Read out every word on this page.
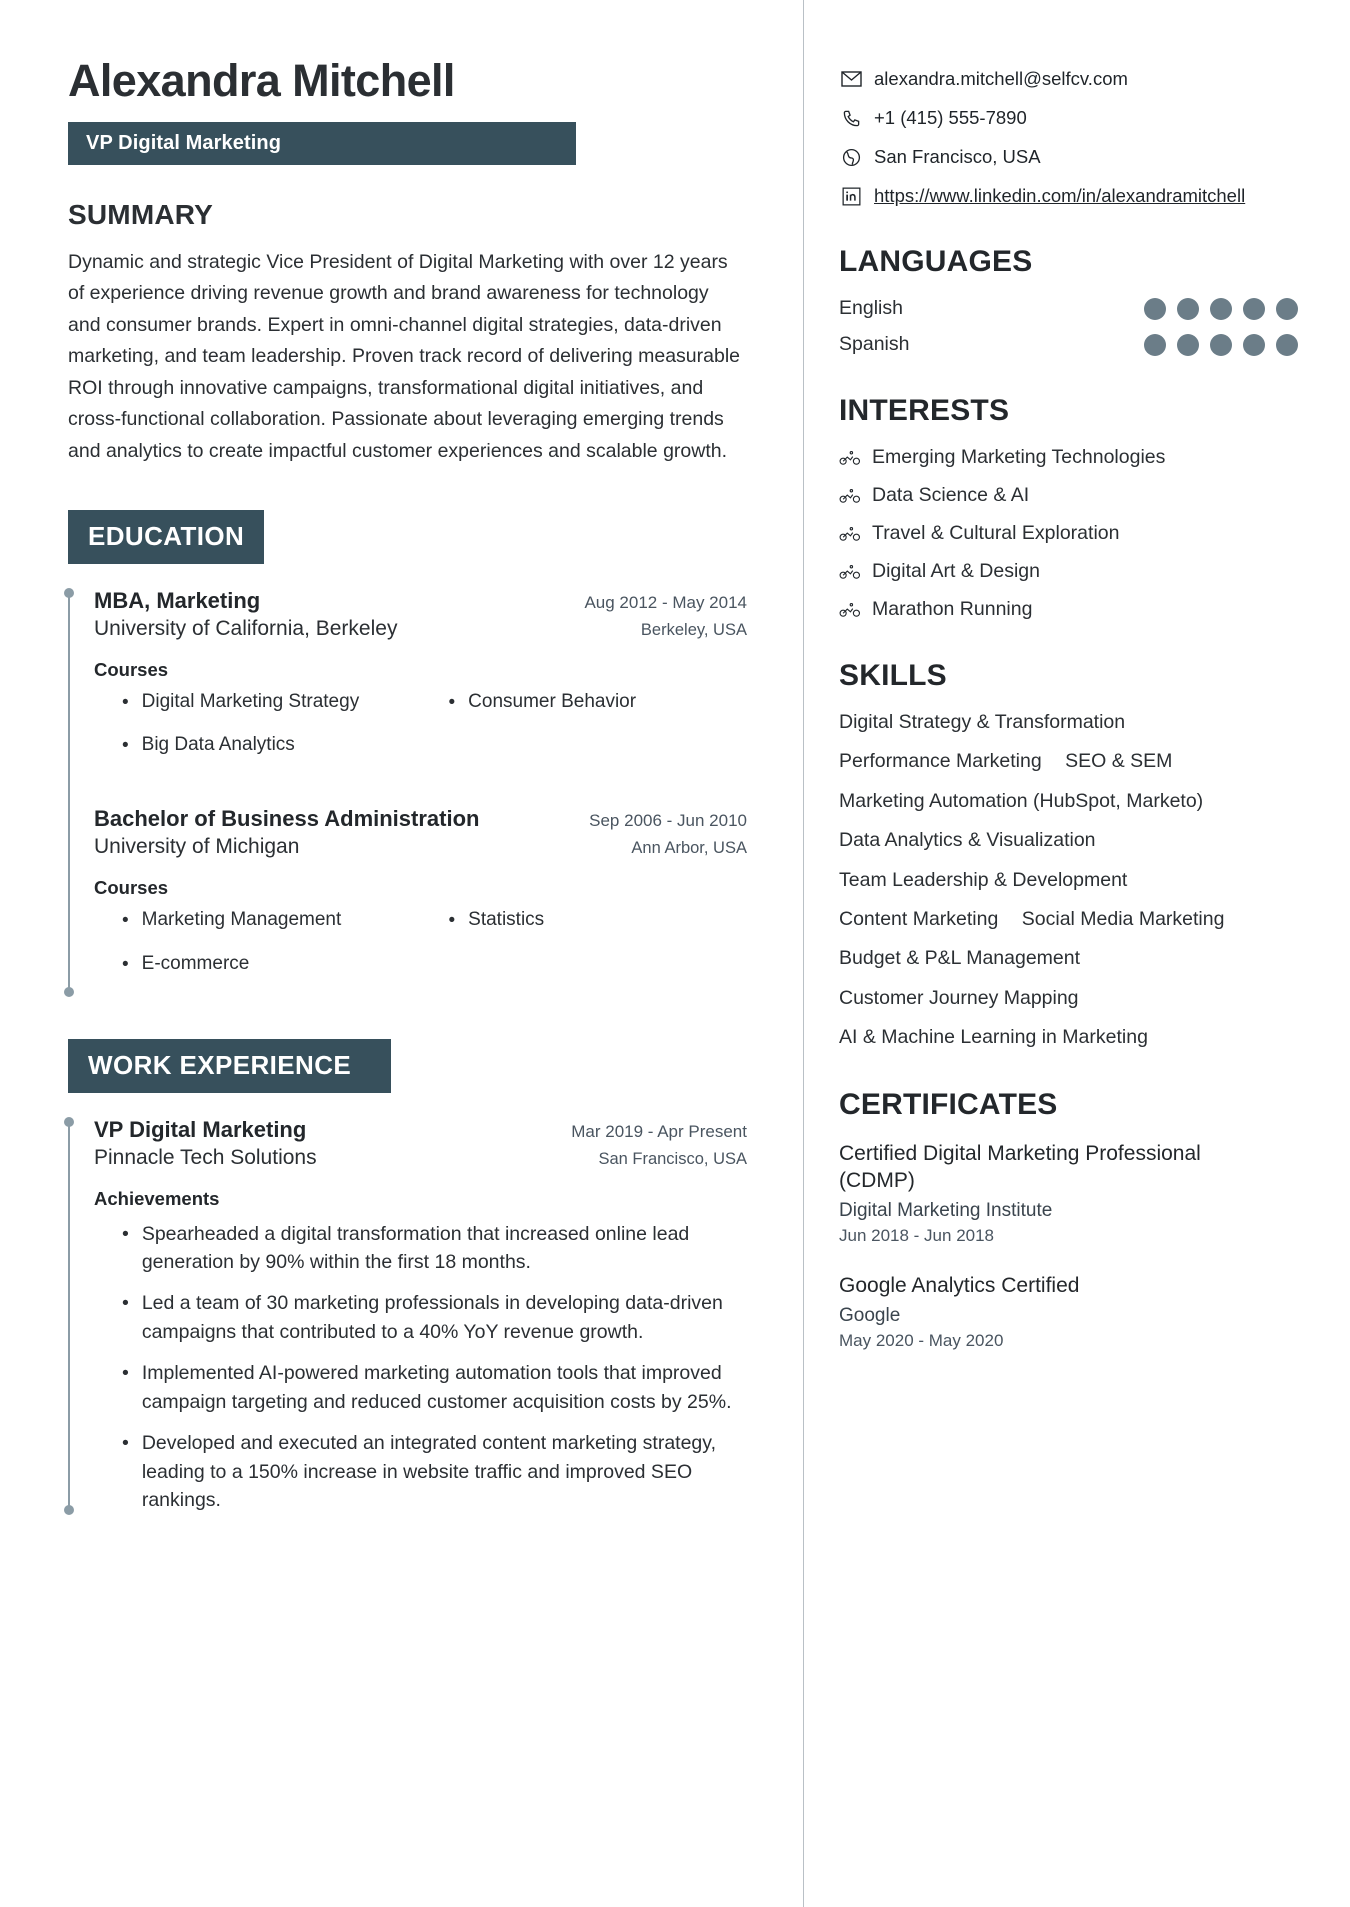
Alexandra Mitchell
VP Digital Marketing
SUMMARY
Dynamic and strategic Vice President of Digital Marketing with over 12 years of experience driving revenue growth and brand awareness for technology and consumer brands. Expert in omni-channel digital strategies, data-driven marketing, and team leadership. Proven track record of delivering measurable ROI through innovative campaigns, transformational digital initiatives, and cross-functional collaboration. Passionate about leveraging emerging trends and analytics to create impactful customer experiences and scalable growth.
EDUCATION
MBA, Marketing	Aug 2012 - May 2014
University of California, Berkeley	Berkeley, USA
Courses
• Digital Marketing Strategy	• Consumer Behavior
• Big Data Analytics
Bachelor of Business Administration	Sep 2006 - Jun 2010
University of Michigan	Ann Arbor, USA
Courses
• Marketing Management	• Statistics
• E-commerce
WORK EXPERIENCE
VP Digital Marketing	Mar 2019 - Apr Present
Pinnacle Tech Solutions	San Francisco, USA
Achievements
• Spearheaded a digital transformation that increased online lead generation by 90% within the first 18 months.
• Led a team of 30 marketing professionals in developing data-driven campaigns that contributed to a 40% YoY revenue growth.
• Implemented AI-powered marketing automation tools that improved campaign targeting and reduced customer acquisition costs by 25%.
• Developed and executed an integrated content marketing strategy, leading to a 150% increase in website traffic and improved SEO rankings.
alexandra.mitchell@selfcv.com
+1 (415) 555-7890
San Francisco, USA
https://www.linkedin.com/in/alexandramitchell
LANGUAGES
English
Spanish
INTERESTS
Emerging Marketing Technologies
Data Science & AI
Travel & Cultural Exploration
Digital Art & Design
Marathon Running
SKILLS
Digital Strategy & Transformation
Performance Marketing SEO & SEM
Marketing Automation (HubSpot, Marketo)
Data Analytics & Visualization
Team Leadership & Development
Content Marketing Social Media Marketing
Budget & P&L Management
Customer Journey Mapping
AI & Machine Learning in Marketing
CERTIFICATES
Certified Digital Marketing Professional (CDMP)
Digital Marketing Institute
Jun 2018 - Jun 2018
Google Analytics Certified
Google
May 2020 - May 2020
